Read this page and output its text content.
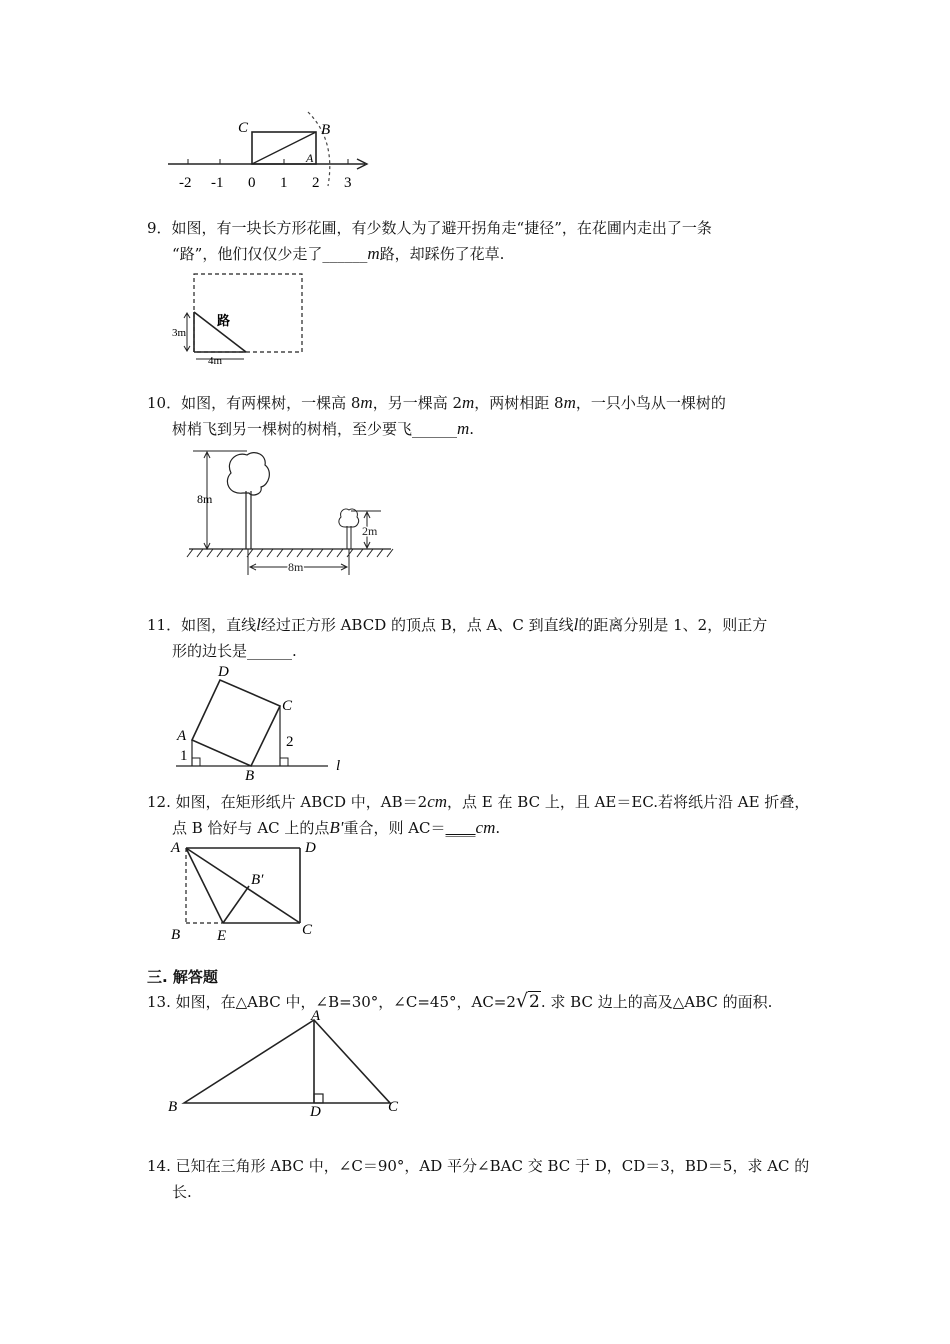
C	B
A
-2 -1 0 1 2 3
9．如图，有一块长方形花圃，有少数人为了避开拐角走“捷径”，在花圃内走出了一条
“路”，他们仅仅少走了______m路，却踩伤了花草.
3m
4m
路
10．如图，有两棵树，一棵高 8m，另一棵高 2m，两树相距 8m，一只小鸟从一棵树的
树梢飞到另一棵树的树梢，至少要飞______m.
8m
2m
8m
11．如图，直线l经过正方形 ABCD 的顶点 B，点 A、C 到直线l的距离分别是 1、2，则正方
形的边长是______.
D
C
A
B
1
2
l
12. 如图，在矩形纸片 ABCD 中，AB＝2cm，点 E 在 BC 上，且 AE＝EC.若将纸片沿 AE 折叠，
点 B 恰好与 AC 上的点B'重合，则 AC＝____cm.
A	D
B′
B E	C
三. 解答题
13. 如图，在△ABC 中，∠B=30°，∠C=45°，AC=2√2. 求 BC 边上的高及△ABC 的面积.
A
B	C
D
14. 已知在三角形 ABC 中，∠C＝90°，AD 平分∠BAC 交 BC 于 D，CD＝3，BD＝5，求 AC 的
长.
